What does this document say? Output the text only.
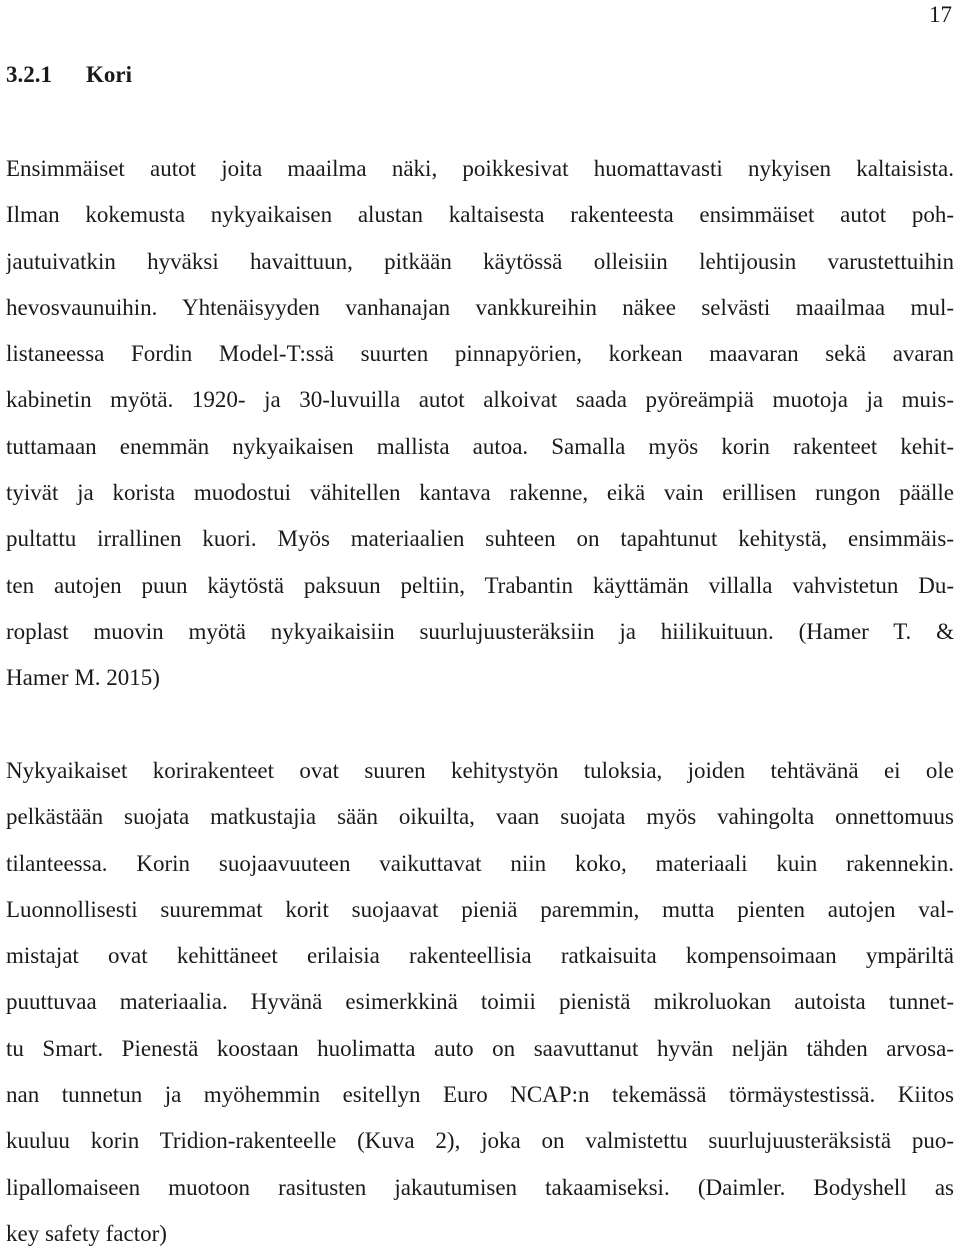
17
3.2.1 Kori
Ensimmäiset autot joita maailma näki, poikkesivat huomattavasti nykyisen kaltaisista.
Ilman kokemusta nykyaikaisen alustan kaltaisesta rakenteesta ensimmäiset autot poh-
jautuivatkin hyväksi havaittuun, pitkään käytössä olleisiin lehtijousin varustettuihin
hevosvaunuihin. Yhtenäisyyden vanhanajan vankkureihin näkee selvästi maailmaa mul-
listaneessa Fordin Model-T:ssä suurten pinnapyörien, korkean maavaran sekä avaran
kabinetin myötä. 1920- ja 30-luvuilla autot alkoivat saada pyöreämpiä muotoja ja muis-
tuttamaan enemmän nykyaikaisen mallista autoa. Samalla myös korin rakenteet kehit-
tyivät ja korista muodostui vähitellen kantava rakenne, eikä vain erillisen rungon päälle
pultattu irrallinen kuori. Myös materiaalien suhteen on tapahtunut kehitystä, ensimmäis-
ten autojen puun käytöstä paksuun peltiin, Trabantin käyttämän villalla vahvistetun Du-
roplast muovin myötä nykyaikaisiin suurlujuusteräksiin ja hiilikuituun. (Hamer T. &
Hamer M. 2015)
Nykyaikaiset korirakenteet ovat suuren kehitystyön tuloksia, joiden tehtävänä ei ole
pelkästään suojata matkustajia sään oikuilta, vaan suojata myös vahingolta onnettomuus
tilanteessa. Korin suojaavuuteen vaikuttavat niin koko, materiaali kuin rakennekin.
Luonnollisesti suuremmat korit suojaavat pieniä paremmin, mutta pienten autojen val-
mistajat ovat kehittäneet erilaisia rakenteellisia ratkaisuita kompensoimaan ympäriltä
puuttuvaa materiaalia. Hyvänä esimerkkinä toimii pienistä mikroluokan autoista tunnet-
tu Smart. Pienestä koostaan huolimatta auto on saavuttanut hyvän neljän tähden arvosa-
nan tunnetun ja myöhemmin esitellyn Euro NCAP:n tekemässä törmäystestissä. Kiitos
kuuluu korin Tridion-rakenteelle (Kuva 2), joka on valmistettu suurlujuusteräksistä puo-
lipallomaiseen muotoon rasitusten jakautumisen takaamiseksi. (Daimler. Bodyshell as
key safety factor)
